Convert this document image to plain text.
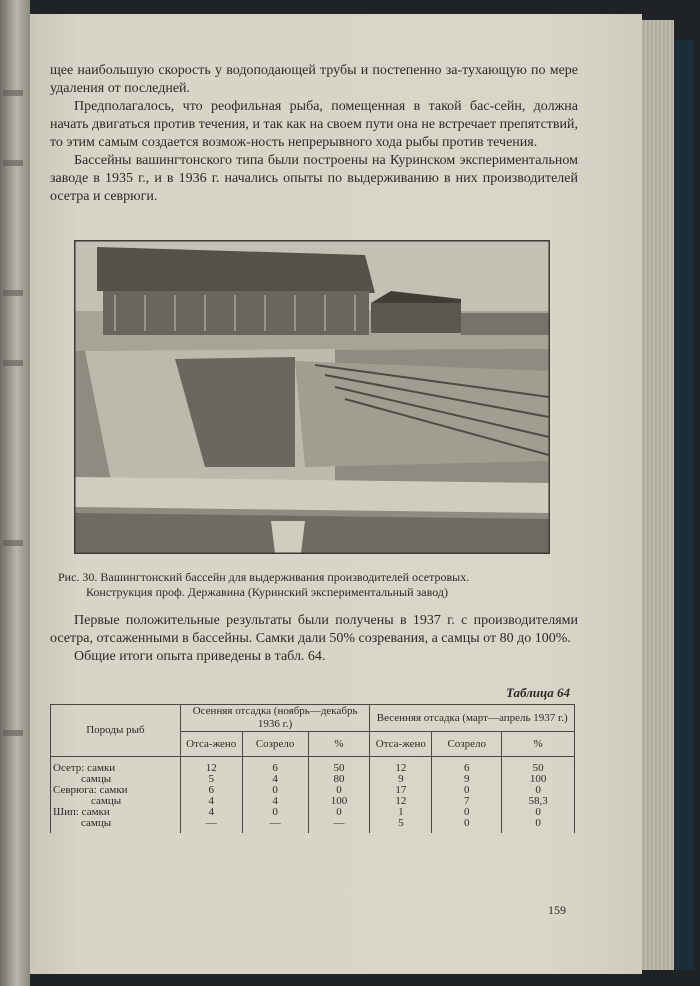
щее наибольшую скорость у водоподающей трубы и постепенно за-тухающую по мере удаления от последней.

Предполагалось, что реофильная рыба, помещенная в такой бас-сейн, должна начать двигаться против течения, и так как на своем пути она не встречает препятствий, то этим самым создается возмож-ность непрерывного хода рыбы против течения.

Бассейны вашингтонского типа были построены на Куринском экспериментальном заводе в 1935 г., и в 1936 г. начались опыты по выдерживанию в них производителей осетра и севрюги.

Рис. 30. Вашингтонский бассейн для выдерживания производителей осетровых.
Конструкция проф. Державина (Куринский экспериментальный завод)

Первые положительные результаты были получены в 1937 г. с производителями осетра, отсаженными в бассейны. Самки дали 50% созревания, а самцы от 80 до 100%.

Общие итоги опыта приведены в табл. 64.

Таблица 64
Породы рыб	Осенняя отсадка (ноябрь—декабрь 1936 г.)			Весенняя отсадка (март—апрель 1937 г.)		
	Отса-жено	Созрело	%	Отса-жено	Созрело	%
Осетр: самки	12	6	50	12	6	50
самцы	5	4	80	9	9	100
Севрюга: самки	6	0	0	17	0	0
самцы	4	4	100	12	7	58,3
Шип: самки	4	0	0	1	0	0
самцы	—	—	—	5	0	0
159
